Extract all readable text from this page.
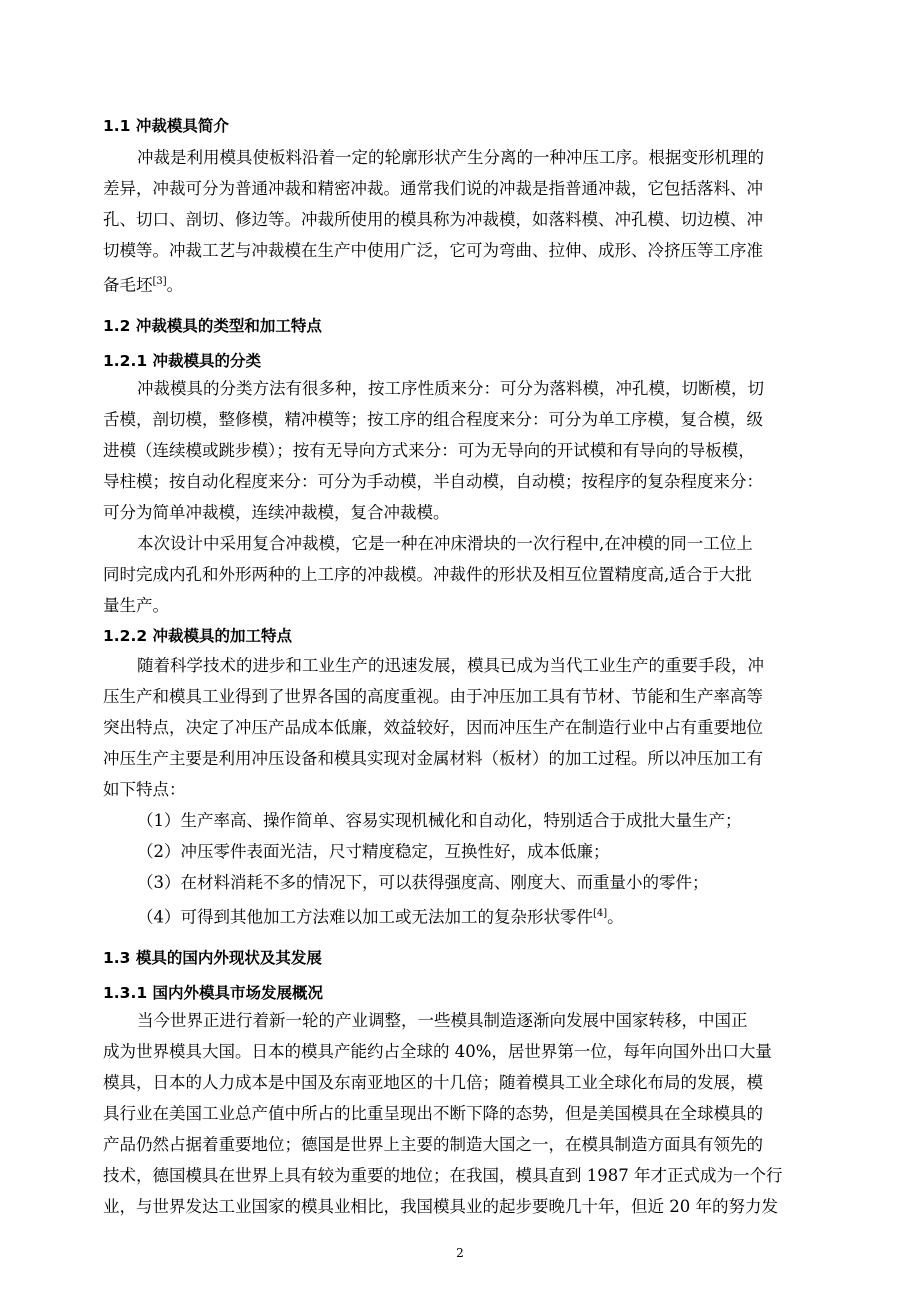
1.1 冲裁模具简介
冲裁是利用模具使板料沿着一定的轮廓形状产生分离的一种冲压工序。根据变形机理的
差异，冲裁可分为普通冲裁和精密冲裁。通常我们说的冲裁是指普通冲裁，它包括落料、冲
孔、切口、剖切、修边等。冲裁所使用的模具称为冲裁模，如落料模、冲孔模、切边模、冲
切模等。冲裁工艺与冲裁模在生产中使用广泛，它可为弯曲、拉伸、成形、冷挤压等工序准
备毛坯[3]。
1.2 冲裁模具的类型和加工特点
1.2.1 冲裁模具的分类
冲裁模具的分类方法有很多种，按工序性质来分：可分为落料模，冲孔模，切断模，切
舌模，剖切模，整修模，精冲模等；按工序的组合程度来分：可分为单工序模，复合模，级
进模（连续模或跳步模）；按有无导向方式来分：可为无导向的开试模和有导向的导板模，
导柱模；按自动化程度来分：可分为手动模，半自动模，自动模；按程序的复杂程度来分：
可分为简单冲裁模，连续冲裁模，复合冲裁模。
本次设计中采用复合冲裁模，它是一种在冲床滑块的一次行程中,在冲模的同一工位上
同时完成内孔和外形两种的上工序的冲裁模。冲裁件的形状及相互位置精度高,适合于大批
量生产。
1.2.2 冲裁模具的加工特点
随着科学技术的进步和工业生产的迅速发展，模具已成为当代工业生产的重要手段，冲
压生产和模具工业得到了世界各国的高度重视。由于冲压加工具有节材、节能和生产率高等
突出特点，决定了冲压产品成本低廉，效益较好，因而冲压生产在制造行业中占有重要地位
冲压生产主要是利用冲压设备和模具实现对金属材料（板材）的加工过程。所以冲压加工有
如下特点：
（1）生产率高、操作简单、容易实现机械化和自动化，特别适合于成批大量生产；
（2）冲压零件表面光洁，尺寸精度稳定，互换性好，成本低廉；
（3）在材料消耗不多的情况下，可以获得强度高、刚度大、而重量小的零件；
（4）可得到其他加工方法难以加工或无法加工的复杂形状零件[4]。
1.3 模具的国内外现状及其发展
1.3.1 国内外模具市场发展概况
当今世界正进行着新一轮的产业调整，一些模具制造逐渐向发展中国家转移，中国正
成为世界模具大国。日本的模具产能约占全球的 40%，居世界第一位，每年向国外出口大量
模具，日本的人力成本是中国及东南亚地区的十几倍；随着模具工业全球化布局的发展，模
具行业在美国工业总产值中所占的比重呈现出不断下降的态势，但是美国模具在全球模具的
产品仍然占据着重要地位；德国是世界上主要的制造大国之一，在模具制造方面具有领先的
技术，德国模具在世界上具有较为重要的地位；在我国，模具直到 1987 年才正式成为一个行
业，与世界发达工业国家的模具业相比，我国模具业的起步要晚几十年，但近 20 年的努力发
2
